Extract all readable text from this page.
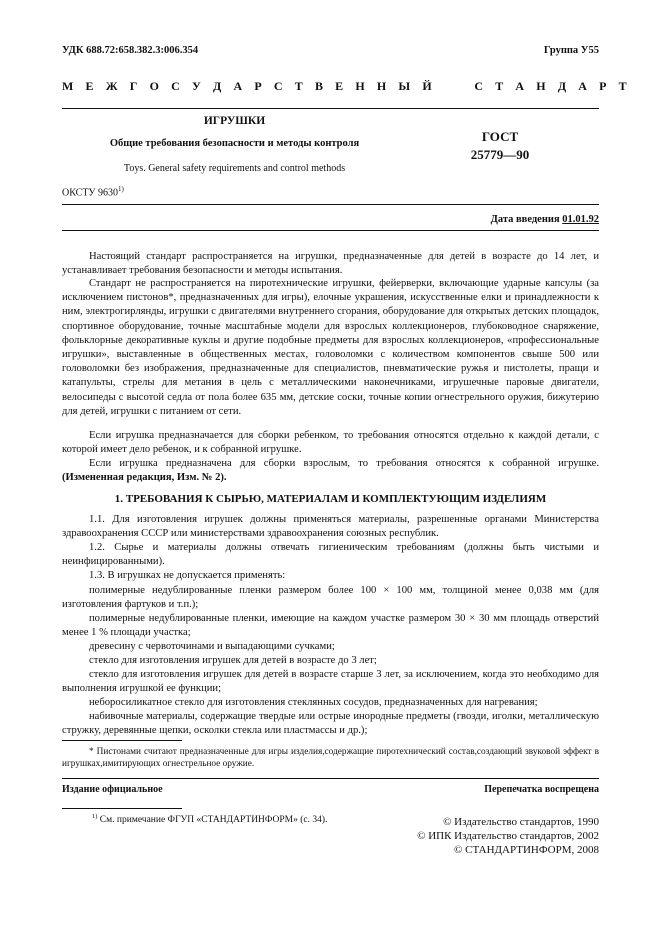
УДК 688.72:658.382.3:006.354	Группа У55
М Е Ж Г О С У Д А Р С Т В Е Н Н Ы Й     С Т А Н Д А Р Т
ИГРУШКИ
Общие требования безопасности и методы контроля
Toys. General safety requirements and control methods
ГОСТ
25779—90
ОКСТУ 9630$^{1)}$
Дата введения 01.01.92
Настоящий стандарт распространяется на игрушки, предназначенные для детей в возрасте до 14 лет, и устанавливает требования безопасности и методы испытания.
Стандарт не распространяется на пиротехнические игрушки, фейерверки, включающие ударные капсулы (за исключением пистонов*, предназначенных для игры), елочные украшения, искусственные елки и принадлежности к ним, электрогирлянды, игрушки с двигателями внутреннего сгорания, оборудование для открытых детских площадок, спортивное оборудование, точные масштабные модели для взрослых коллекционеров, глубоководное снаряжение, фольклорные декоративные куклы и другие подобные предметы для взрослых коллекционеров, «профессиональные игрушки», выставленные в общественных местах, головоломки с количеством компонентов свыше 500 или головоломки без изображения, предназначенные для специалистов, пневматические ружья и пистолеты, пращи и катапульты, стрелы для метания в цель с металлическими наконечниками, игрушечные паровые двигатели, велосипеды с высотой седла от пола более 635 мм, детские соски, точные копии огнестрельного оружия, бижутерию для детей, игрушки с питанием от сети.
Если игрушка предназначается для сборки ребенком, то требования относятся отдельно к каждой детали, с которой имеет дело ребенок, и к собранной игрушке.
Если игрушка предназначена для сборки взрослым, то требования относятся к собранной игрушке. (Измененная редакция, Изм. № 2).
1. ТРЕБОВАНИЯ К СЫРЬЮ, МАТЕРИАЛАМ И КОМПЛЕКТУЮЩИМ ИЗДЕЛИЯМ
1.1. Для изготовления игрушек должны применяться материалы, разрешенные органами Министерства здравоохранения СССР или министерствами здравоохранения союзных республик.
1.2. Сырье и материалы должны отвечать гигиеническим требованиям (должны быть чистыми и неинфицированными).
1.3. В игрушках не допускается применять:
полимерные недублированные пленки размером более 100 × 100 мм, толщиной менее 0,038 мм (для изготовления фартуков и т.п.);
полимерные недублированные пленки, имеющие на каждом участке размером 30 × 30 мм площадь отверстий менее 1 % площади участка;
древесину с червоточинами и выпадающими сучками;
стекло для изготовления игрушек для детей в возрасте до 3 лет;
стекло для изготовления игрушек для детей в возрасте старше 3 лет, за исключением, когда это необходимо для выполнения игрушкой ее функции;
неборосиликатное стекло для изготовления стеклянных сосудов, предназначенных для нагревания;
набивочные материалы, содержащие твердые или острые инородные предметы (гвозди, иголки, металлическую стружку, деревянные щепки, осколки стекла или пластмассы и др.);
* Пистонами считают предназначенные для игры изделия,содержащие пиротехнический состав,создающий звуковой эффект в игрушках,имитирующих огнестрельное оружие.
Издание официальное	Перепечатка воспрещена
$^{1)}$ См. примечание ФГУП «СТАНДАРТИНФОРМ» (с. 34).	© Издательство стандартов, 1990
© ИПК Издательство стандартов, 2002
© СТАНДАРТИНФОРМ, 2008
